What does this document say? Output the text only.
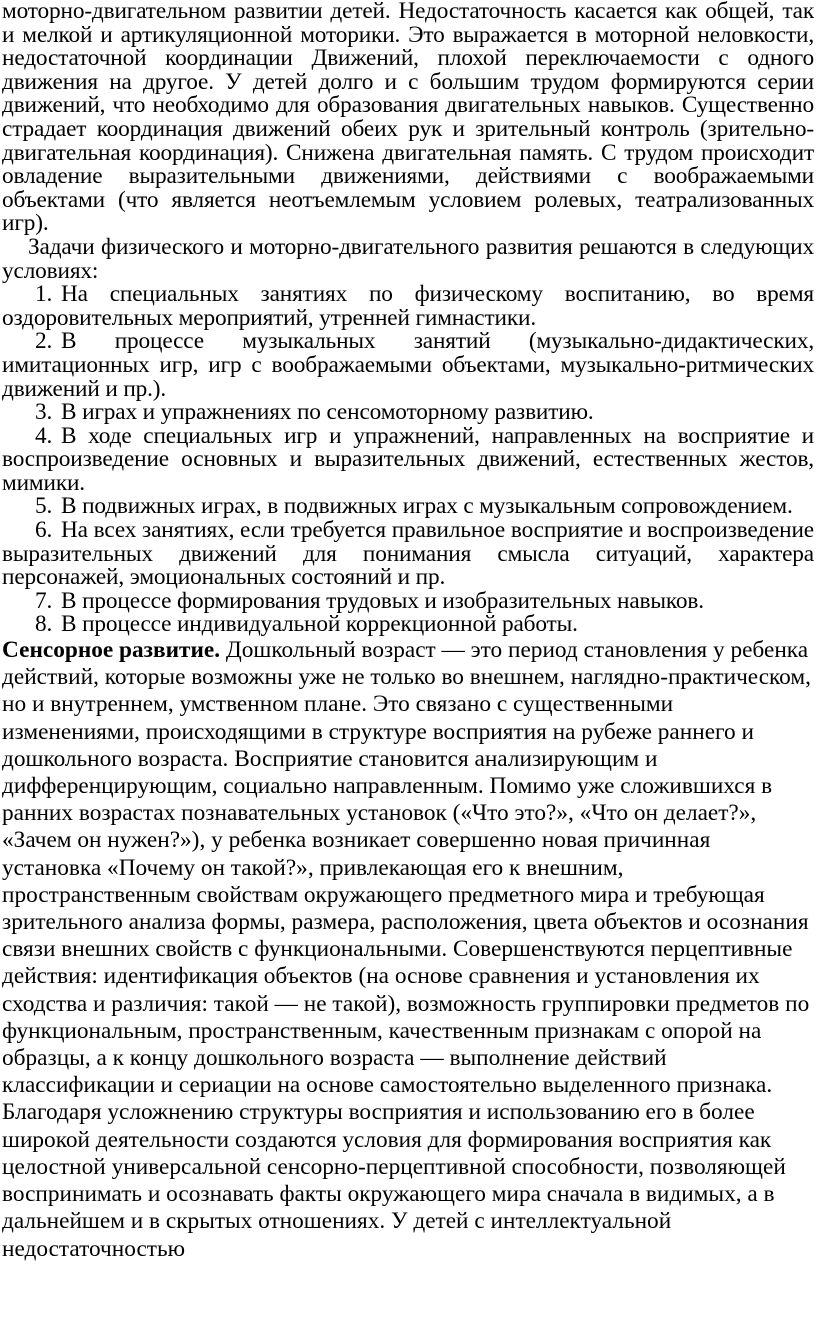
моторно-двигательном развитии детей. Недостаточность касается как общей, так и мелкой и артикуляционной моторики. Это выражается в моторной неловкости, недостаточной координации Движений, плохой переключаемости с одного движения на другое. У детей долго и с большим трудом формируются серии движений, что необходимо для образования двигательных навыков. Существенно страдает координация движений обеих рук и зрительный контроль (зрительно-двигательная координация). Снижена двигательная память. С трудом происходит овладение выразительными движениями, действиями с воображаемыми объектами (что является неотъемлемым условием ролевых, театрализованных игр).

Задачи физического и моторно-двигательного развития решаются в следующих условиях:

1. На специальных занятиях по физическому воспитанию, во время оздоровительных мероприятий, утренней гимнастики.

2. В процессе музыкальных занятий (музыкально-дидактических, имитационных игр, игр с воображаемыми объектами, музыкально-ритмических движений и пр.).

3. В играх и упражнениях по сенсомоторному развитию.

4. В ходе специальных игр и упражнений, направленных на восприятие и воспроизведение основных и выразительных движений, естественных жестов, мимики.

5. В подвижных играх, в подвижных играх с музыкальным сопровождением.

6. На всех занятиях, если требуется правильное восприятие и воспроизведение выразительных движений для понимания смысла ситуаций, характера персонажей, эмоциональных состояний и пр.

7. В процессе формирования трудовых и изобразительных навыков.

8. В процессе индивидуальной коррекционной работы.

Сенсорное развитие. Дошкольный возраст — это период становления у ребенка действий, которые возможны уже не только во внешнем, наглядно-практическом, но и внутреннем, умственном плане. Это связано с существенными изменениями, происходящими в структуре восприятия на рубеже раннего и дошкольного возраста. Восприятие становится анализирующим и дифференцирующим, социально направленным. Помимо уже сложившихся в ранних возрастах познавательных установок («Что это?», «Что он делает?», «Зачем он нужен?»), у ребенка возникает совершенно новая причинная установка «Почему он такой?», привлекающая его к внешним, пространственным свойствам окружающего предметного мира и требующая зрительного анализа формы, размера, расположения, цвета объектов и осознания связи внешних свойств с функциональными. Совершенствуются перцептивные действия: идентификация объектов (на основе сравнения и установления их сходства и различия: такой — не такой), возможность группировки предметов по функциональным, пространственным, качественным признакам с опорой на образцы, а к концу дошкольного возраста — выполнение действий классификации и сериации на основе самостоятельно выделенного признака. Благодаря усложнению структуры восприятия и использованию его в более широкой деятельности создаются условия для формирования восприятия как целостной универсальной сенсорно-перцептивной способности, позволяющей воспринимать и осознавать факты окружающего мира сначала в видимых, а в дальнейшем и в скрытых отношениях. У детей с интеллектуальной недостаточностью
